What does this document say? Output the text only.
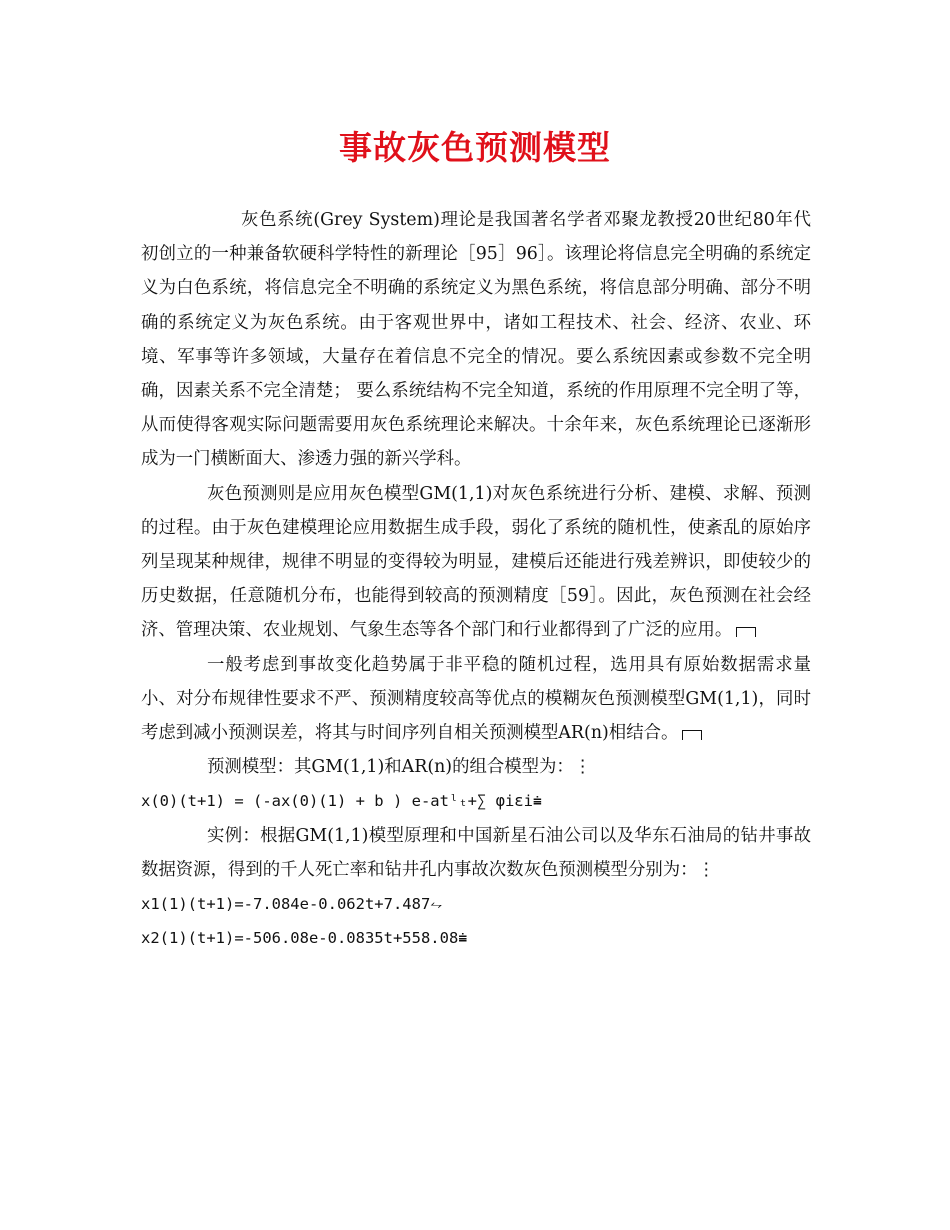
事故灰色预测模型

灰色系统(Grey System)理论是我国著名学者邓聚龙教授20世纪80年代初创立的一种兼备软硬科学特性的新理论［95］96］。该理论将信息完全明确的系统定义为白色系统，将信息完全不明确的系统定义为黑色系统，将信息部分明确、部分不明确的系统定义为灰色系统。由于客观世界中，诸如工程技术、社会、经济、农业、环境、军事等许多领域，大量存在着信息不完全的情况。要么系统因素或参数不完全明确，因素关系不完全清楚； 要么系统结构不完全知道，系统的作用原理不完全明了等，从而使得客观实际问题需要用灰色系统理论来解决。十余年来，灰色系统理论已逐渐形成为一门横断面大、渗透力强的新兴学科。

灰色预测则是应用灰色模型GM(1,1)对灰色系统进行分析、建模、求解、预测的过程。由于灰色建模理论应用数据生成手段，弱化了系统的随机性，使紊乱的原始序列呈现某种规律，规律不明显的变得较为明显，建模后还能进行残差辨识，即使较少的历史数据，任意随机分布，也能得到较高的预测精度［59］。因此，灰色预测在社会经济、管理决策、农业规划、气象生态等各个部门和行业都得到了广泛的应用。

一般考虑到事故变化趋势属于非平稳的随机过程，选用具有原始数据需求量小、对分布规律性要求不严、预测精度较高等优点的模糊灰色预测模型GM(1,1)，同时考虑到减小预测误差，将其与时间序列自相关预测模型AR(n)相结合。

预测模型：其GM(1,1)和AR(n)的组合模型为：⋮

x(0)(t+1) = (-ax(0)(1) + b ) e-atˡₜ+∑ φiεi⩧

实例：根据GM(1,1)模型原理和中国新星石油公司以及华东石油局的钻井事故数据资源，得到的千人死亡率和钻井孔内事故次数灰色预测模型分别为：⋮

x1(1)(t+1)=-7.084e-0.062t+7.487⥊

x2(1)(t+1)=-506.08e-0.0835t+558.08⩧
